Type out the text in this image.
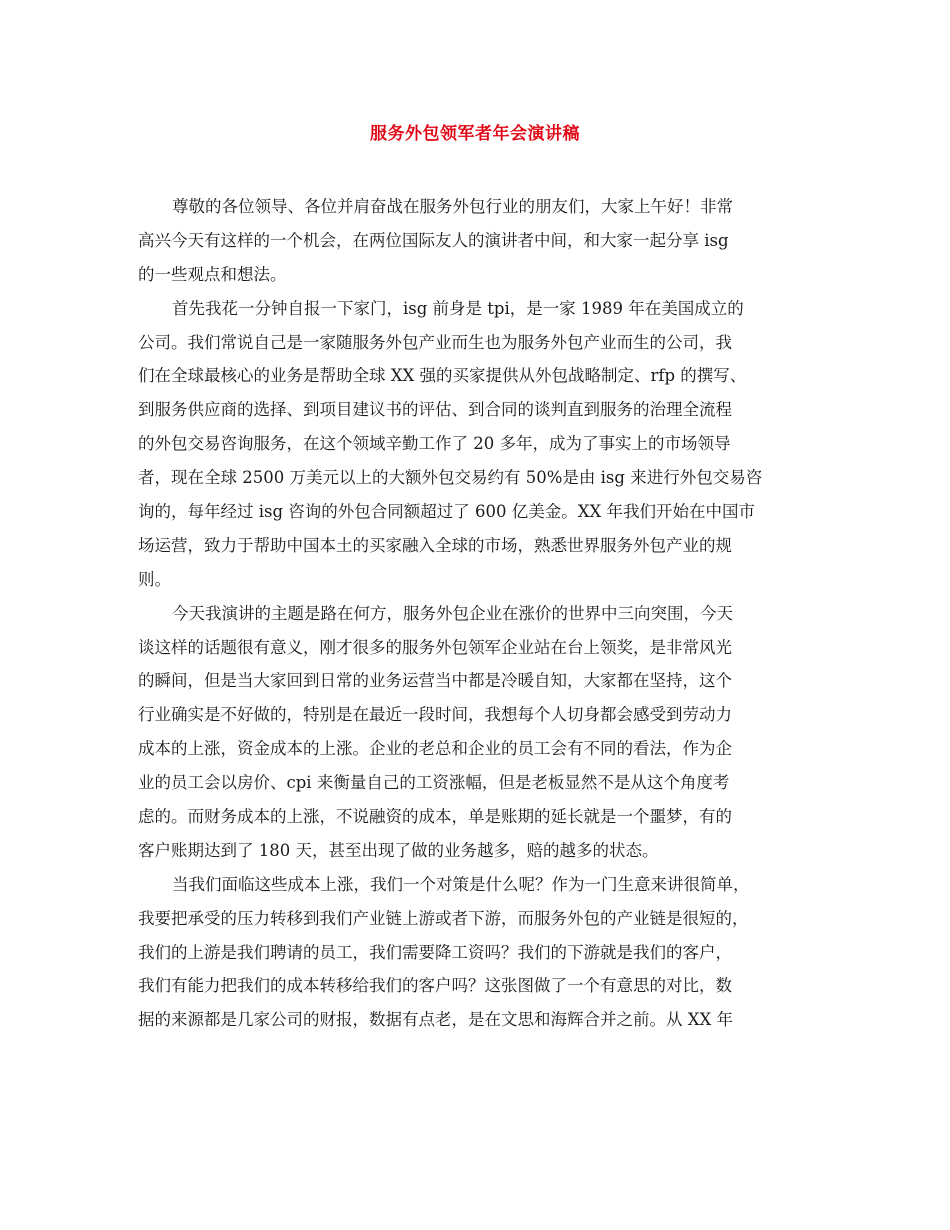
服务外包领军者年会演讲稿
尊敬的各位领导、各位并肩奋战在服务外包行业的朋友们，大家上午好！非常
高兴今天有这样的一个机会，在两位国际友人的演讲者中间，和大家一起分享 isg
的一些观点和想法。
首先我花一分钟自报一下家门，isg 前身是 tpi，是一家 1989 年在美国成立的
公司。我们常说自己是一家随服务外包产业而生也为服务外包产业而生的公司，我
们在全球最核心的业务是帮助全球 XX 强的买家提供从外包战略制定、rfp 的撰写、
到服务供应商的选择、到项目建议书的评估、到合同的谈判直到服务的治理全流程
的外包交易咨询服务，在这个领域辛勤工作了 20 多年，成为了事实上的市场领导
者，现在全球 2500 万美元以上的大额外包交易约有 50%是由 isg 来进行外包交易咨
询的，每年经过 isg 咨询的外包合同额超过了 600 亿美金。XX 年我们开始在中国市
场运营，致力于帮助中国本土的买家融入全球的市场，熟悉世界服务外包产业的规
则。
今天我演讲的主题是路在何方，服务外包企业在涨价的世界中三向突围，今天
谈这样的话题很有意义，刚才很多的服务外包领军企业站在台上领奖，是非常风光
的瞬间，但是当大家回到日常的业务运营当中都是冷暖自知，大家都在坚持，这个
行业确实是不好做的，特别是在最近一段时间，我想每个人切身都会感受到劳动力
成本的上涨，资金成本的上涨。企业的老总和企业的员工会有不同的看法，作为企
业的员工会以房价、cpi 来衡量自己的工资涨幅，但是老板显然不是从这个角度考
虑的。而财务成本的上涨，不说融资的成本，单是账期的延长就是一个噩梦，有的
客户账期达到了 180 天，甚至出现了做的业务越多，赔的越多的状态。
当我们面临这些成本上涨，我们一个对策是什么呢？作为一门生意来讲很简单，
我要把承受的压力转移到我们产业链上游或者下游，而服务外包的产业链是很短的，
我们的上游是我们聘请的员工，我们需要降工资吗？我们的下游就是我们的客户，
我们有能力把我们的成本转移给我们的客户吗？这张图做了一个有意思的对比，数
据的来源都是几家公司的财报，数据有点老，是在文思和海辉合并之前。从 XX 年
